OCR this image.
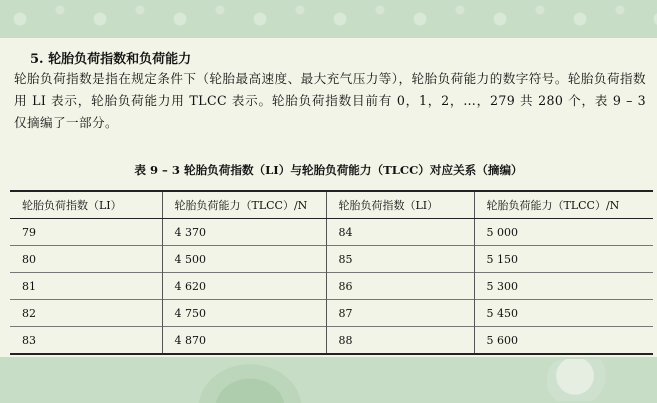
5. 轮胎负荷指数和负荷能力
轮胎负荷指数是指在规定条件下（轮胎最高速度、最大充气压力等），轮胎负荷能力的数字符号。轮胎负荷指数用 LI 表示，轮胎负荷能力用 TLCC 表示。轮胎负荷指数目前有 0，1，2，…，279 共 280 个，表 9 – 3 仅摘编了一部分。
表 9 – 3 轮胎负荷指数（LI）与轮胎负荷能力（TLCC）对应关系（摘编）
轮胎负荷指数（LI）	轮胎负荷能力（TLCC）/N	轮胎负荷指数（LI）	轮胎负荷能力（TLCC）/N
79	4 370	84	5 000
80	4 500	85	5 150
81	4 620	86	5 300
82	4 750	87	5 450
83	4 870	88	5 600
